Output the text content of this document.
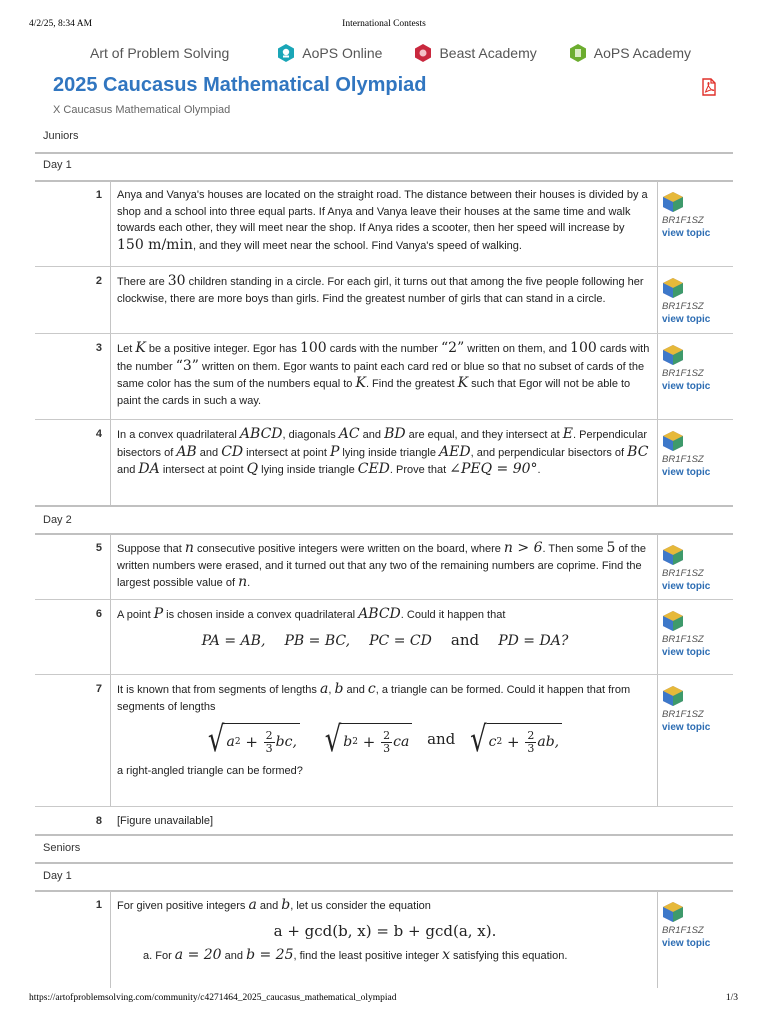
4/2/25, 8:34 AM	International Contests
Art of Problem Solving	AoPS Online	Beast Academy	AoPS Academy
2025 Caucasus Mathematical Olympiad
X Caucasus Mathematical Olympiad
Juniors
Day 1
1 Anya and Vanya's houses are located on the straight road. The distance between their houses is divided by a shop and a school into three equal parts. If Anya and Vanya leave their houses at the same time and walk towards each other, they will meet near the shop. If Anya rides a scooter, then her speed will increase by 150 m/min, and they will meet near the school. Find Vanya's speed of walking.
BR1F1SZ
view topic
2 There are 30 children standing in a circle. For each girl, it turns out that among the five people following her clockwise, there are more boys than girls. Find the greatest number of girls that can stand in a circle.
BR1F1SZ
view topic
3 Let K be a positive integer. Egor has 100 cards with the number “2” written on them, and 100 cards with the number “3” written on them. Egor wants to paint each card red or blue so that no subset of cards of the same color has the sum of the numbers equal to K. Find the greatest K such that Egor will not be able to paint the cards in such a way.
BR1F1SZ
view topic
4 In a convex quadrilateral ABCD, diagonals AC and BD are equal, and they intersect at E. Perpendicular bisectors of AB and CD intersect at point P lying inside triangle AED, and perpendicular bisectors of BC and DA intersect at point Q lying inside triangle CED. Prove that ∠PEQ = 90°.
BR1F1SZ
view topic
Day 2
5 Suppose that n consecutive positive integers were written on the board, where n > 6. Then some 5 of the written numbers were erased, and it turned out that any two of the remaining numbers are coprime. Find the largest possible value of n.
BR1F1SZ
view topic
6 A point P is chosen inside a convex quadrilateral ABCD. Could it happen that
PA = AB, PB = BC, PC = CD and PD = DA?	BR1F1SZ
view topic
7 It is known that from segments of lengths a, b and c, a triangle can be formed. Could it happen that from segments of lengths
√ a $2 + \frac{2}{3}$ bc,
√ b $2 + \frac{2}{3}$ ca and √ c $2 + \frac{2}{3}$ ab,
a right-angled triangle can be formed?
BR1F1SZ
view topic
8 [Figure unavailable]
Seniors
Day 1
1 For given positive integers a and b, let us consider the equation
a + gcd(b, x) = b + gcd(a, x).
a. For a = 20 and b = 25, find the least positive integer x satisfying this equation.
BR1F1SZ
view topic
https://artofproblemsolving.com/community/c4271464_2025_caucasus_mathematical_olympiad	1/3
